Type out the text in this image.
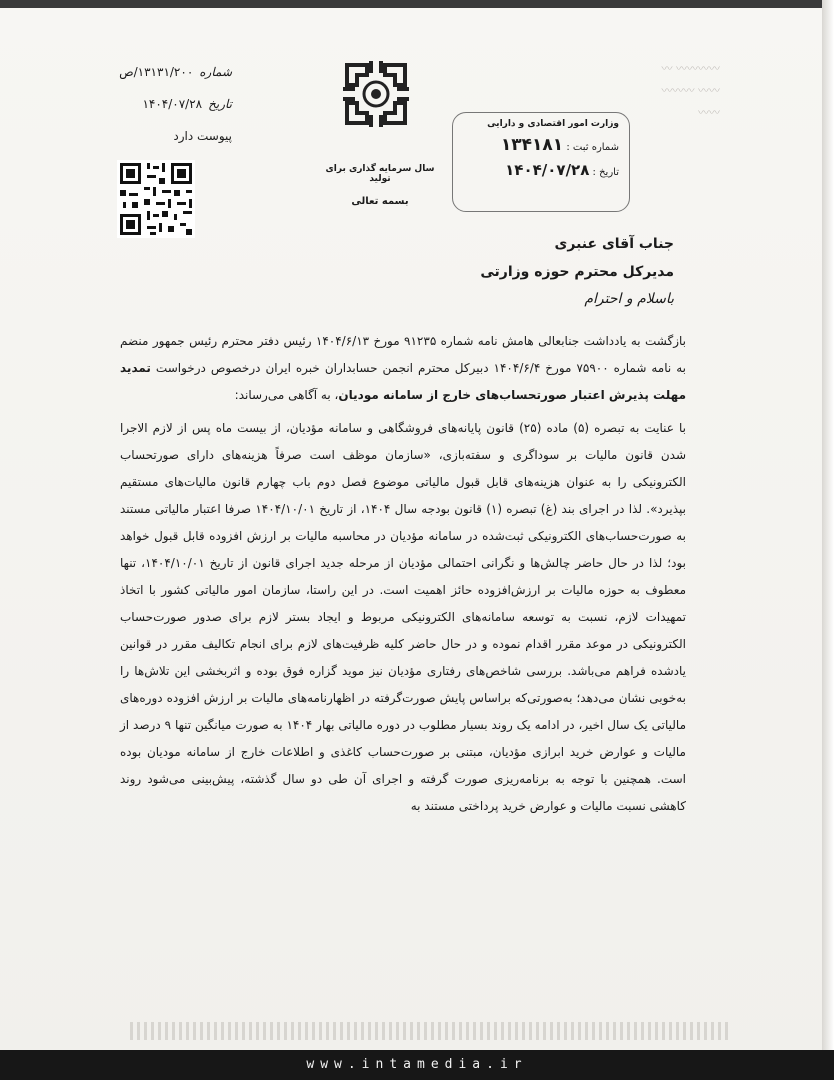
〰〰〰〰 〰
〰〰 〰〰〰
〰〰
شماره۱۳۱۳۱/۲۰۰/ص
تاریخ۱۴۰۴/۰۷/۲۸
پیوست دارد
سال سرمایه گذاری برای تولید
بسمه تعالی
وزارت امور اقتصادی و دارایی
شماره ثبت : ۱۳۴۱۸۱
تاریخ : ۱۴۰۴/۰۷/۲۸
جناب آقای عنبری
مدیرکل محترم حوزه وزارتی
باسلام و احترام

بازگشت به یادداشت جنابعالی هامش نامه شماره ۹۱۲۳۵ مورخ ۱۴۰۴/۶/۱۳ رئیس دفتر محترم رئیس جمهور منضم به نامه شماره ۷۵۹۰۰ مورخ ۱۴۰۴/۶/۴ دبیرکل محترم انجمن حسابداران خبره ایران درخصوص درخواست تمدید مهلت پذیرش اعتبار صورتحساب‌های خارج از سامانه مودیان، به آگاهی می‌رساند:

با عنایت به تبصره (۵) ماده (۲۵) قانون پایانه‌های فروشگاهی و سامانه مؤدیان، از بیست ماه پس از لازم الاجرا شدن قانون مالیات بر سوداگری و سفته‌بازی، «سازمان موظف است صرفاً هزینه‌های دارای صورتحساب الکترونیکی را به عنوان هزینه‌های قابل قبول مالیاتی موضوع فصل دوم باب چهارم قانون مالیات‌های مستقیم بپذیرد». لذا در اجرای بند (غ) تبصره (۱) قانون بودجه سال ۱۴۰۴، از تاریخ ۱۴۰۴/۱۰/۰۱ صرفا اعتبار مالیاتی مستند به صورت‌حساب‌های الکترونیکی ثبت‌شده در سامانه مؤدیان در محاسبه مالیات بر ارزش افزوده قابل قبول خواهد بود؛ لذا در حال حاضر چالش‌ها و نگرانی احتمالی مؤدیان از مرحله جدید اجرای قانون از تاریخ ۱۴۰۴/۱۰/۰۱، تنها معطوف به حوزه مالیات بر ارزش‌افزوده حائز اهمیت است. در این راستا، سازمان امور مالیاتی کشور با اتخاذ تمهیدات لازم، نسبت به توسعه سامانه‌های الکترونیکی مربوط و ایجاد بستر لازم برای صدور صورت‌حساب الکترونیکی در موعد مقرر اقدام نموده و در حال حاضر کلیه ظرفیت‌های لازم برای انجام تکالیف مقرر در قوانین یادشده فراهم می‌باشد. بررسی شاخص‌های رفتاری مؤدیان نیز موید گزاره فوق بوده و اثربخشی این تلاش‌ها را به‌خوبی نشان می‌دهد؛ به‌صورتی‌که براساس پایش صورت‌گرفته در اظهارنامه‌های مالیات بر ارزش افزوده دوره‌های مالیاتی یک سال اخیر، در ادامه یک روند بسیار مطلوب در دوره مالیاتی بهار ۱۴۰۴ به صورت میانگین تنها ۹ درصد از مالیات و عوارض خرید ابرازی مؤدیان، مبتنی بر صورت‌حساب کاغذی و اطلاعات خارج از سامانه مودیان بوده است. همچنین با توجه به برنامه‌ریزی صورت گرفته و اجرای آن طی دو سال گذشته، پیش‌بینی می‌شود روند کاهشی نسبت مالیات و عوارض خرید پرداختی مستند به

www.intamedia.ir
